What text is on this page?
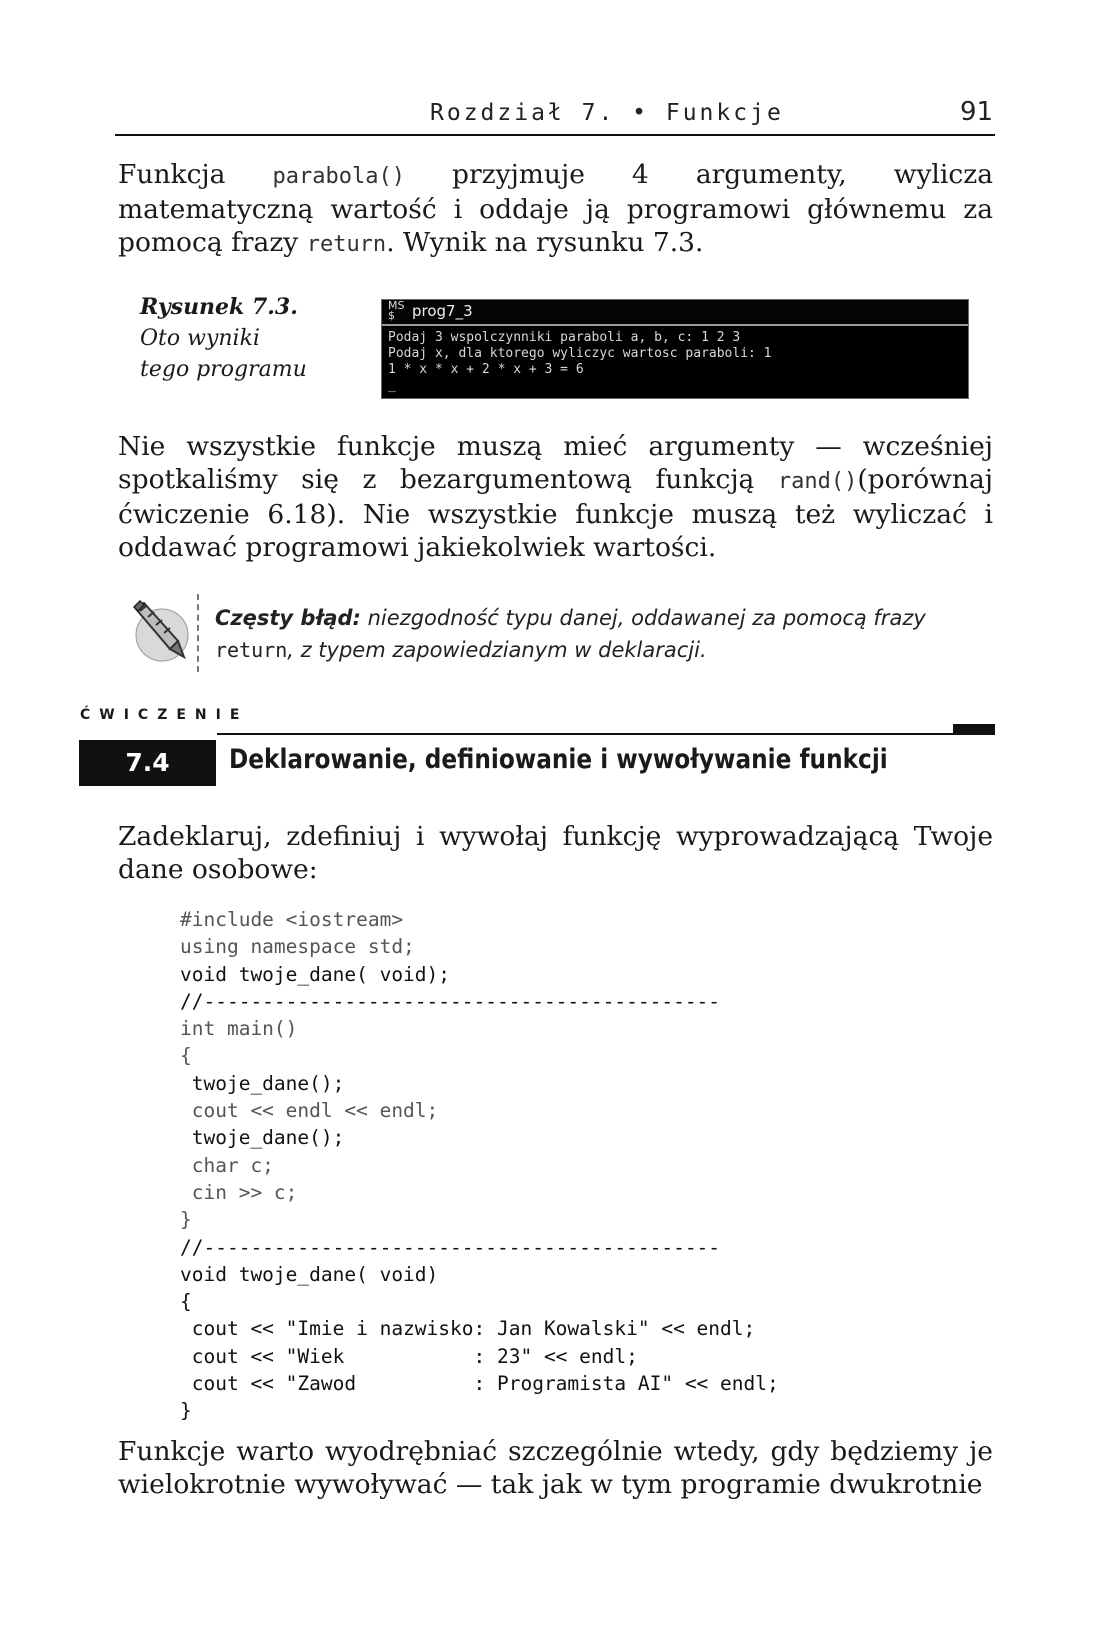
Rozdział 7. • Funkcje	91
Funkcja parabola() przyjmuje 4 argumenty, wylicza matematyczną wartość i oddaje ją programowi głównemu za pomocą frazy return. Wynik na rysunku 7.3.
Rysunek 7.3.
Oto wyniki
tego programu
MS
$	prog7_3
Podaj 3 wspolczynniki paraboli a, b, c: 1 2 3
Podaj x, dla ktorego wyliczyc wartosc paraboli: 1
1 * x * x + 2 * x + 3 = 6
_
Nie wszystkie funkcje muszą mieć argumenty — wcześniej spotkaliśmy się z bezargumentową funkcją rand()(porównaj ćwiczenie 6.18). Nie wszystkie funkcje muszą też wyliczać i oddawać programowi jakiekolwiek wartości.
Częsty błąd: niezgodność typu danej, oddawanej za pomocą frazy return, z typem zapowiedzianym w deklaracji.
ĆWICZENIE
7.4	Deklarowanie, definiowanie i wywoływanie funkcji
Zadeklaruj, zdefiniuj i wywołaj funkcję wyprowadzającą Twoje dane osobowe:
#include <iostream>
using namespace std;
void twoje_dane( void);
//--------------------------------------------
int main()
{
twoje_dane();
cout << endl << endl;
twoje_dane();
char c;
cin >> c;
}
//--------------------------------------------
void twoje_dane( void)
{
cout << "Imie i nazwisko: Jan Kowalski" << endl;
cout << "Wiek           : 23" << endl;
cout << "Zawod          : Programista AI" << endl;
}
Funkcje warto wyodrębniać szczególnie wtedy, gdy będziemy je wielokrotnie wywoływać — tak jak w tym programie dwukrotnie
